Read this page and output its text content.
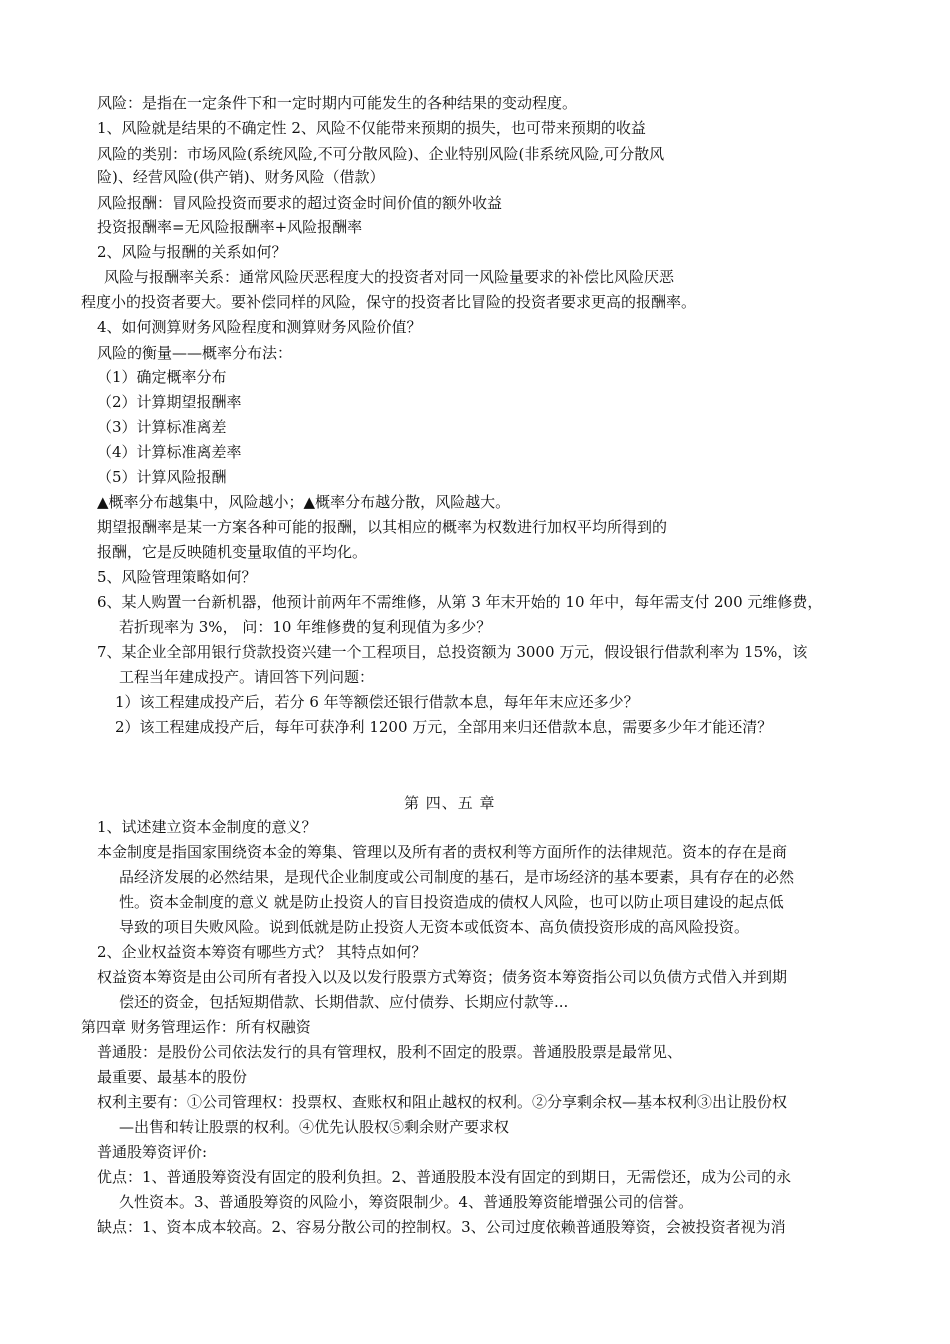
风险：是指在一定条件下和一定时期内可能发生的各种结果的变动程度。
1、风险就是结果的不确定性 2、风险不仅能带来预期的损失，也可带来预期的收益
风险的类别：市场风险(系统风险,不可分散风险)、企业特别风险(非系统风险,可分散风
险)、经营风险(供产销)、财务风险（借款）
风险报酬：冒风险投资而要求的超过资金时间价值的额外收益
投资报酬率=无风险报酬率+风险报酬率
2、风险与报酬的关系如何？
风险与报酬率关系：通常风险厌恶程度大的投资者对同一风险量要求的补偿比风险厌恶
程度小的投资者要大。要补偿同样的风险，保守的投资者比冒险的投资者要求更高的报酬率。
4、如何测算财务风险程度和测算财务风险价值？
风险的衡量——概率分布法：
（1）确定概率分布
（2）计算期望报酬率
（3）计算标准离差
（4）计算标准离差率
（5）计算风险报酬
▲概率分布越集中，风险越小；▲概率分布越分散，风险越大。
期望报酬率是某一方案各种可能的报酬，以其相应的概率为权数进行加权平均所得到的
报酬，它是反映随机变量取值的平均化。
5、风险管理策略如何？
6、某人购置一台新机器，他预计前两年不需维修，从第 3 年末开始的 10 年中，每年需支付 200 元维修费，
若折现率为 3%， 问：10 年维修费的复利现值为多少？
7、某企业全部用银行贷款投资兴建一个工程项目，总投资额为 3000 万元，假设银行借款利率为 15%，该
工程当年建成投产。请回答下列问题：
1）该工程建成投产后，若分 6 年等额偿还银行借款本息，每年年末应还多少？
2）该工程建成投产后，每年可获净利 1200 万元，全部用来归还借款本息，需要多少年才能还清？
第 四、五 章
1、试述建立资本金制度的意义？
本金制度是指国家围绕资本金的筹集、管理以及所有者的责权利等方面所作的法律规范。资本的存在是商
品经济发展的必然结果，是现代企业制度或公司制度的基石，是市场经济的基本要素，具有存在的必然
性。资本金制度的意义 就是防止投资人的盲目投资造成的债权人风险，也可以防止项目建设的起点低
导致的项目失败风险。说到低就是防止投资人无资本或低资本、高负债投资形成的高风险投资。
2、企业权益资本筹资有哪些方式？ 其特点如何？
权益资本筹资是由公司所有者投入以及以发行股票方式筹资；债务资本筹资指公司以负债方式借入并到期
偿还的资金，包括短期借款、长期借款、应付债券、长期应付款等...
第四章 财务管理运作：所有权融资
普通股：是股份公司依法发行的具有管理权，股利不固定的股票。普通股股票是最常见、
最重要、最基本的股份
权利主要有：①公司管理权：投票权、查账权和阻止越权的权利。②分享剩余权—基本权利③出让股份权
—出售和转让股票的权利。④优先认股权⑤剩余财产要求权
普通股筹资评价:
优点：1、普通股筹资没有固定的股利负担。2、普通股股本没有固定的到期日，无需偿还，成为公司的永
久性资本。3、普通股筹资的风险小，筹资限制少。4、普通股筹资能增强公司的信誉。
缺点：1、资本成本较高。2、容易分散公司的控制权。3、公司过度依赖普通股筹资，会被投资者视为消
